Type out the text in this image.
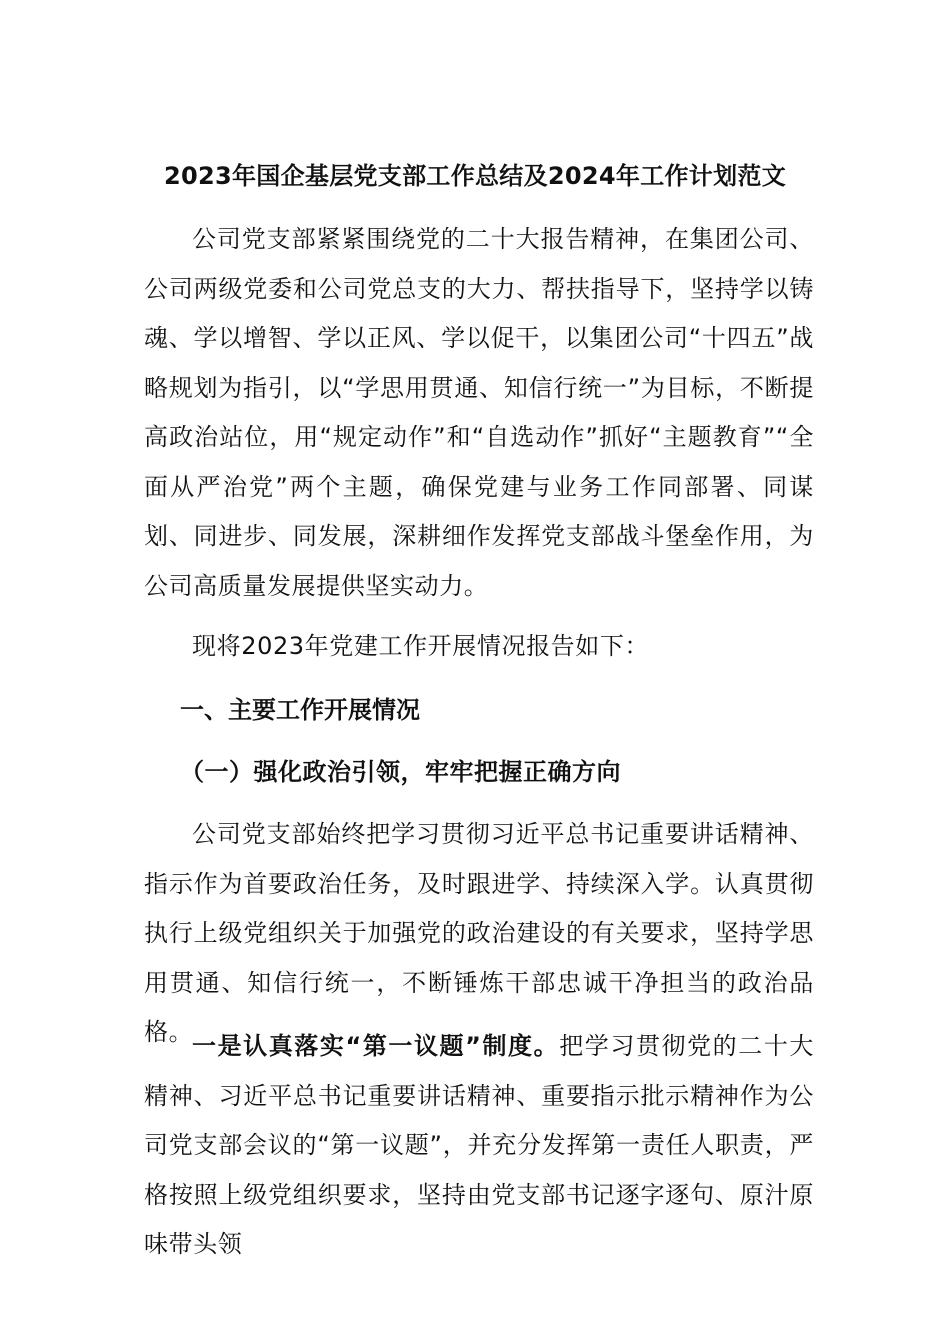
2023年国企基层党支部工作总结及2024年工作计划范文

公司党支部紧紧围绕党的二十大报告精神，在集团公司、公司两级党委和公司党总支的大力、帮扶指导下，坚持学以铸魂、学以增智、学以正风、学以促干，以集团公司“十四五”战略规划为指引，以“学思用贯通、知信行统一”为目标，不断提高政治站位，用“规定动作”和“自选动作”抓好“主题教育”“全面从严治党”两个主题，确保党建与业务工作同部署、同谋划、同进步、同发展，深耕细作发挥党支部战斗堡垒作用，为公司高质量发展提供坚实动力。

现将2023年党建工作开展情况报告如下：

一、主要工作开展情况
（一）强化政治引领，牢牢把握正确方向

公司党支部始终把学习贯彻习近平总书记重要讲话精神、指示作为首要政治任务，及时跟进学、持续深入学。认真贯彻执行上级党组织关于加强党的政治建设的有关要求，坚持学思用贯通、知信行统一，不断锤炼干部忠诚干净担当的政治品格。

一是认真落实“第一议题”制度。把学习贯彻党的二十大精神、习近平总书记重要讲话精神、重要指示批示精神作为公司党支部会议的“第一议题”，并充分发挥第一责任人职责，严格按照上级党组织要求，坚持由党支部书记逐字逐句、原汁原味带头领
